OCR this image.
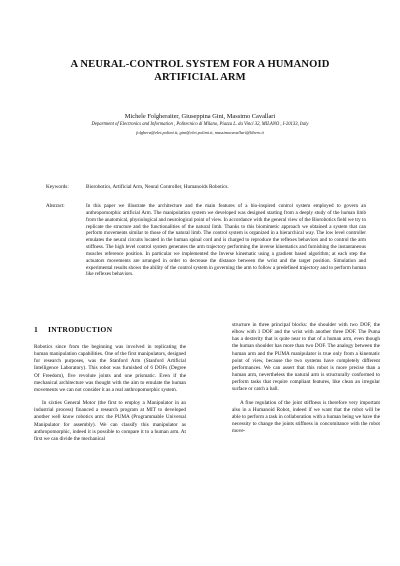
A NEURAL-CONTROL SYSTEM FOR A HUMANOID ARTIFICIAL ARM
Michele Folgheraiter, Giuseppina Gini, Massimo Cavallari
Department of Electronics and Information , Politecnico di Milano, Piazza L. da Vinci 32, MILANO , I-20133, Italy
folghera@elet.polimi.it, gini@elet.polimi.it, massimocavallari@libero.it
Keywords:	Biorobotics, Artificial Arm, Neural Controller, Humanoids Robotics.
Abstract:	In this paper we illustrate the architecture and the main features of a bio-inspired control system employed to govern an anthropomorphic artificial Arm. The manipulation system we developed was designed starting from a deeply study of the human limb from the anatomical, physiological and neurological point of view. In accordance with the general view of the Biorobotics field we try to replicate the structure and the functionalities of the natural limb. Thanks to this biomimetic approach we obtained a system that can perform movements similar to those of the natural limb. The control system is organized in a hierarchical way. The low level controller emulates the neural circuits located in the human spinal cord and is charged to reproduce the reflexes behaviors and to control the arm stiffness. The high level control system generates the arm trajectory performing the inverse kinematics and furnishing the instantaneous muscles reference position. In particular we implemented the Inverse kinematic using a gradient based algorithm; at each step the actuators movements are arranged in order to decrease the distance between the wrist and the target position. Simulation and experimental results shows the ability of the control system in governing the arm to follow a predefined trajectory and to perform human like reflexes behaviors.
1 INTRODUCTION

Robotics since from the beginning was involved in replicating the human manipulation capabilities. One of the first manipulators, designed for research purposes, was the Stanford Arm (Stanford Artificial Intelligence Laboratory). This robot was furnished of 6 DOFs (Degree Of Freedom), five revolute joints and one prismatic. Even if the mechanical architecture was thought with the aim to emulate the human movements we can not consider it as a real anthropomorphic system.

In sixties General Motor (the first to employ a Manipulator in an industrial process) financed a research program at MIT to developed another well know robotics arm: the PUMA (Programmable Universal Manipulator for assembly). We can classify this manipulator as anthropomorphic, indeed it is possible to compare it to a human arm. At first we can divide the mechanical

structure in three principal blocks: the shoulder with two DOF, the elbow with 1 DOF and the wrist with another three DOF. The Puma has a dexterity that is quite near to that of a human arm, even though the human shoulder has more than two DOF. The analogy between the human arm and the PUMA manipulator is true only from a kinematic point of view, because the two systems have completely different performances. We can assert that this robot is more precise than a human arm, nevertheless the natural arm is structurally conformed to perform tasks that require compliant features, like clean an irregular surface or catch a ball.

A fine regulation of the joint stiffness is therefore very important also in a Humanoid Robot, indeed if we want that the robot will be able to perform a task in collaboration with a human being we have the necessity to change the joints stiffness in concomitance with the robot move-
